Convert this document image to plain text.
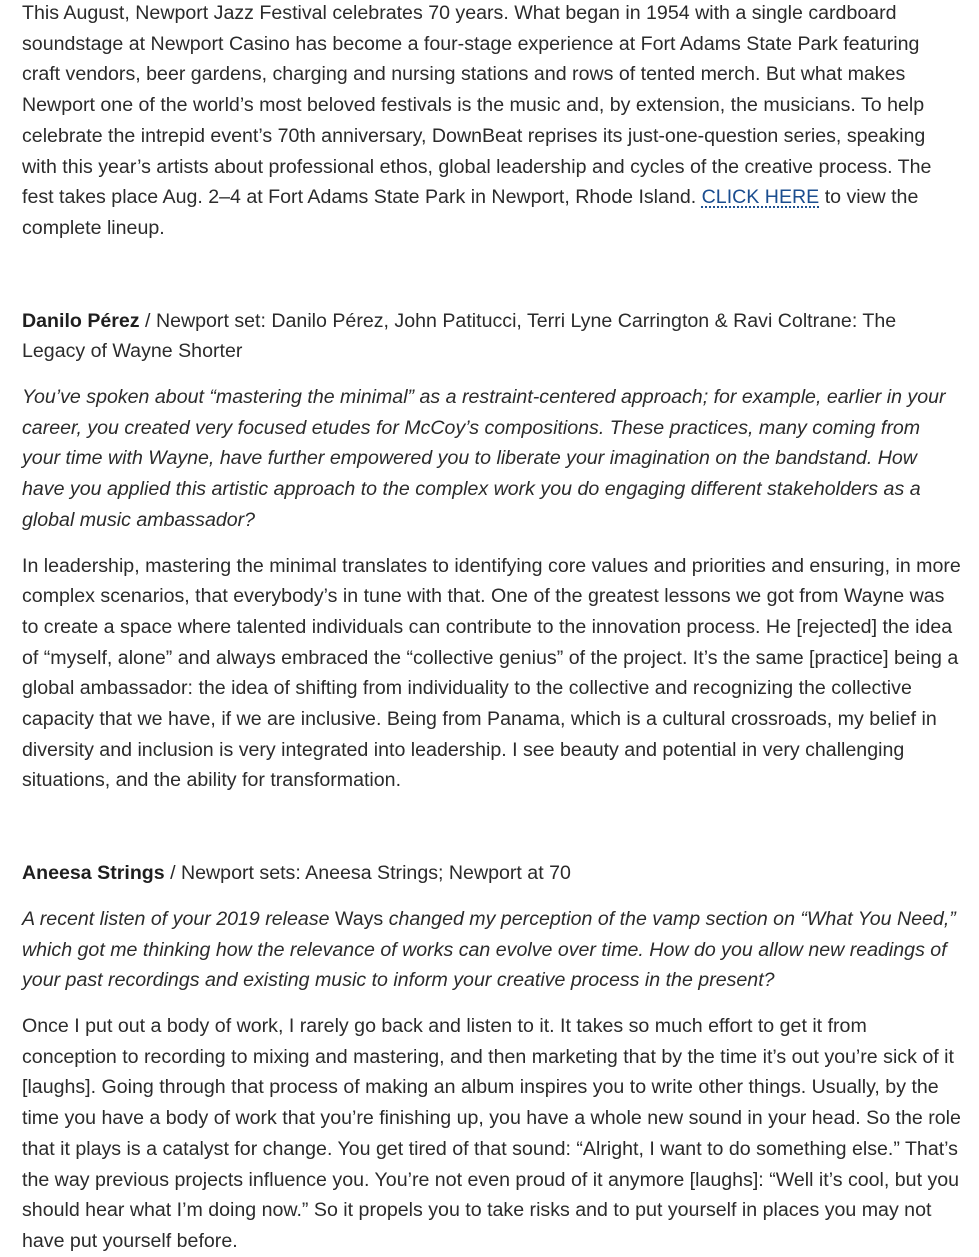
This August, Newport Jazz Festival celebrates 70 years. What began in 1954 with a single cardboard soundstage at Newport Casino has become a four-stage experience at Fort Adams State Park featuring craft vendors, beer gardens, charging and nursing stations and rows of tented merch. But what makes Newport one of the world’s most beloved festivals is the music and, by extension, the musicians. To help celebrate the intrepid event’s 70th anniversary, DownBeat reprises its just-one-question series, speaking with this year’s artists about professional ethos, global leadership and cycles of the creative process. The fest takes place Aug. 2–4 at Fort Adams State Park in Newport, Rhode Island. CLICK HERE to view the complete lineup.

Danilo Pérez / Newport set: Danilo Pérez, John Patitucci, Terri Lyne Carrington & Ravi Coltrane: The Legacy of Wayne Shorter

You’ve spoken about “mastering the minimal” as a restraint-centered approach; for example, earlier in your career, you created very focused etudes for McCoy’s compositions. These practices, many coming from your time with Wayne, have further empowered you to liberate your imagination on the bandstand. How have you applied this artistic approach to the complex work you do engaging different stakeholders as a global music ambassador?

In leadership, mastering the minimal translates to identifying core values and priorities and ensuring, in more complex scenarios, that everybody’s in tune with that. One of the greatest lessons we got from Wayne was to create a space where talented individuals can contribute to the innovation process. He [rejected] the idea of “myself, alone” and always embraced the “collective genius” of the project. It’s the same [practice] being a global ambassador: the idea of shifting from individuality to the collective and recognizing the collective capacity that we have, if we are inclusive. Being from Panama, which is a cultural crossroads, my belief in diversity and inclusion is very integrated into leadership. I see beauty and potential in very challenging situations, and the ability for transformation.

Aneesa Strings / Newport sets: Aneesa Strings; Newport at 70

A recent listen of your 2019 release Ways changed my perception of the vamp section on “What You Need,” which got me thinking how the relevance of works can evolve over time. How do you allow new readings of your past recordings and existing music to inform your creative process in the present?

Once I put out a body of work, I rarely go back and listen to it. It takes so much effort to get it from conception to recording to mixing and mastering, and then marketing that by the time it’s out you’re sick of it [laughs]. Going through that process of making an album inspires you to write other things. Usually, by the time you have a body of work that you’re finishing up, you have a whole new sound in your head. So the role that it plays is a catalyst for change. You get tired of that sound: “Alright, I want to do something else.” That’s the way previous projects influence you. You’re not even proud of it anymore [laughs]: “Well it’s cool, but you should hear what I’m doing now.” So it propels you to take risks and to put yourself in places you may not have put yourself before.
